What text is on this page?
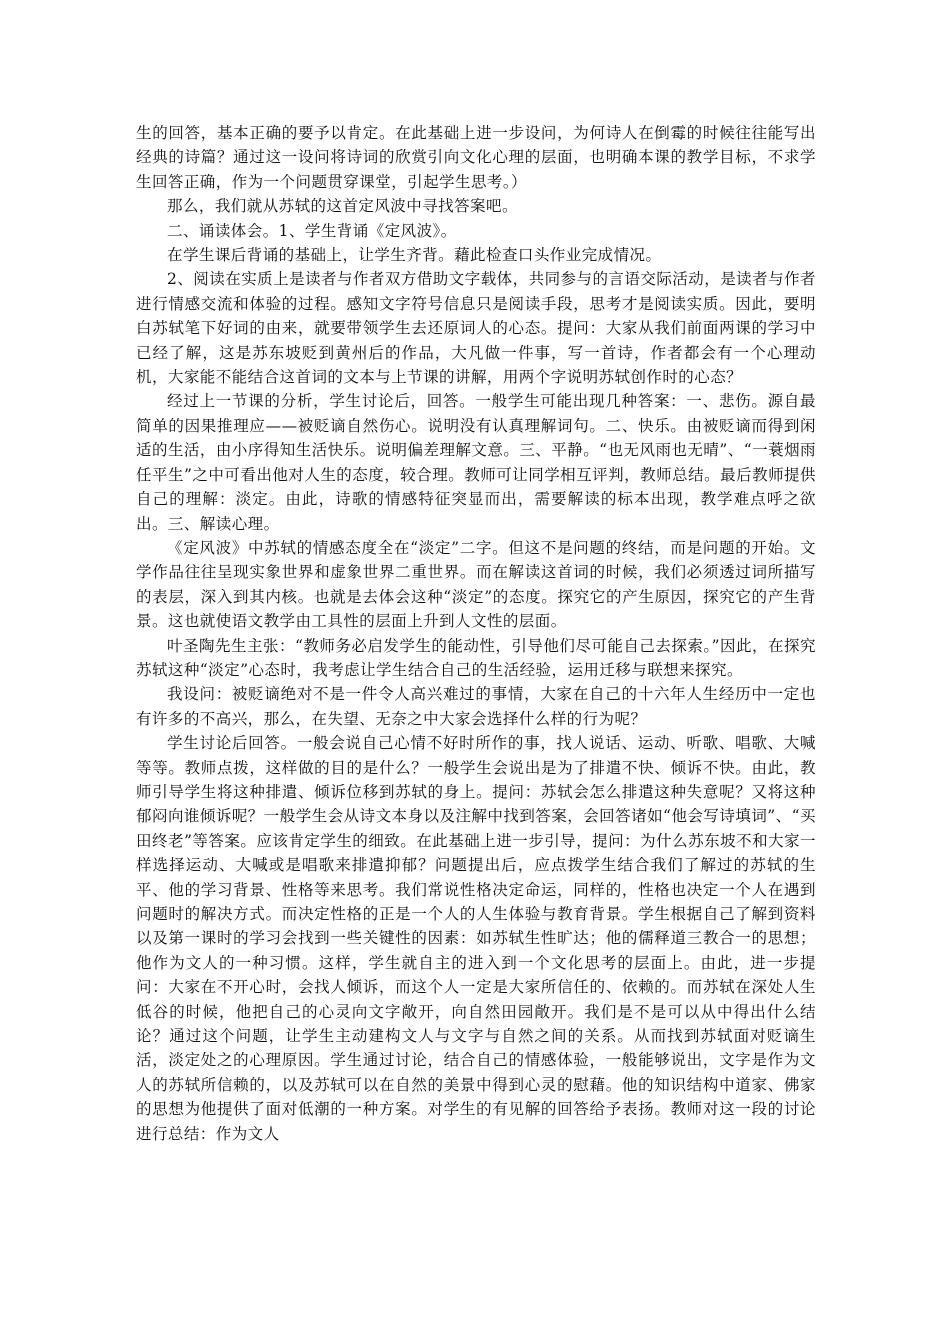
生的回答，基本正确的要予以肯定。在此基础上进一步设问，为何诗人在倒霉的时候往往能写出经典的诗篇？通过这一设问将诗词的欣赏引向文化心理的层面，也明确本课的教学目标，不求学生回答正确，作为一个问题贯穿课堂，引起学生思考。）

那么，我们就从苏轼的这首定风波中寻找答案吧。

二、诵读体会。1、学生背诵《定风波》。

在学生课后背诵的基础上，让学生齐背。藉此检查口头作业完成情况。

2、阅读在实质上是读者与作者双方借助文字载体，共同参与的言语交际活动，是读者与作者进行情感交流和体验的过程。感知文字符号信息只是阅读手段，思考才是阅读实质。因此，要明白苏轼笔下好词的由来，就要带领学生去还原词人的心态。提问：大家从我们前面两课的学习中已经了解，这是苏东坡贬到黄州后的作品，大凡做一件事，写一首诗，作者都会有一个心理动机，大家能不能结合这首词的文本与上节课的讲解，用两个字说明苏轼创作时的心态？

经过上一节课的分析，学生讨论后，回答。一般学生可能出现几种答案：一、悲伤。源自最简单的因果推理应——被贬谪自然伤心。说明没有认真理解词句。二、快乐。由被贬谪而得到闲适的生活，由小序得知生活快乐。说明偏差理解文意。三、平静。“也无风雨也无晴”、“一蓑烟雨任平生”之中可看出他对人生的态度，较合理。教师可让同学相互评判，教师总结。最后教师提供自己的理解：淡定。由此，诗歌的情感特征突显而出，需要解读的标本出现，教学难点呼之欲出。三、解读心理。

《定风波》中苏轼的情感态度全在“淡定”二字。但这不是问题的终结，而是问题的开始。文学作品往往呈现实象世界和虚象世界二重世界。而在解读这首词的时候，我们必须透过词所描写的表层，深入到其内核。也就是去体会这种“淡定”的态度。探究它的产生原因，探究它的产生背景。这也就使语文教学由工具性的层面上升到人文性的层面。

叶圣陶先生主张：“教师务必启发学生的能动性，引导他们尽可能自己去探索。”因此，在探究苏轼这种“淡定”心态时，我考虑让学生结合自己的生活经验，运用迁移与联想来探究。

我设问：被贬谪绝对不是一件令人高兴难过的事情，大家在自己的十六年人生经历中一定也有许多的不高兴，那么，在失望、无奈之中大家会选择什么样的行为呢？

学生讨论后回答。一般会说自己心情不好时所作的事，找人说话、运动、听歌、唱歌、大喊等等。教师点拨，这样做的目的是什么？一般学生会说出是为了排遣不快、倾诉不快。由此，教师引导学生将这种排遣、倾诉位移到苏轼的身上。提问：苏轼会怎么排遣这种失意呢？又将这种郁闷向谁倾诉呢？一般学生会从诗文本身以及注解中找到答案，会回答诸如“他会写诗填词”、“买田终老”等答案。应该肯定学生的细致。在此基础上进一步引导，提问：为什么苏东坡不和大家一样选择运动、大喊或是唱歌来排遣抑郁？问题提出后，应点拨学生结合我们了解过的苏轼的生平、他的学习背景、性格等来思考。我们常说性格决定命运，同样的，性格也决定一个人在遇到问题时的解决方式。而决定性格的正是一个人的人生体验与教育背景。学生根据自己了解到资料以及第一课时的学习会找到一些关键性的因素：如苏轼生性旷达；他的儒释道三教合一的思想；他作为文人的一种习惯。这样，学生就自主的进入到一个文化思考的层面上。由此，进一步提问：大家在不开心时，会找人倾诉，而这个人一定是大家所信任的、依赖的。而苏轼在深处人生低谷的时候，他把自己的心灵向文字敞开，向自然田园敞开。我们是不是可以从中得出什么结论？通过这个问题，让学生主动建构文人与文字与自然之间的关系。从而找到苏轼面对贬谪生活，淡定处之的心理原因。学生通过讨论，结合自己的情感体验，一般能够说出，文字是作为文人的苏轼所信赖的，以及苏轼可以在自然的美景中得到心灵的慰藉。他的知识结构中道家、佛家的思想为他提供了面对低潮的一种方案。对学生的有见解的回答给予表扬。教师对这一段的讨论进行总结：作为文人
